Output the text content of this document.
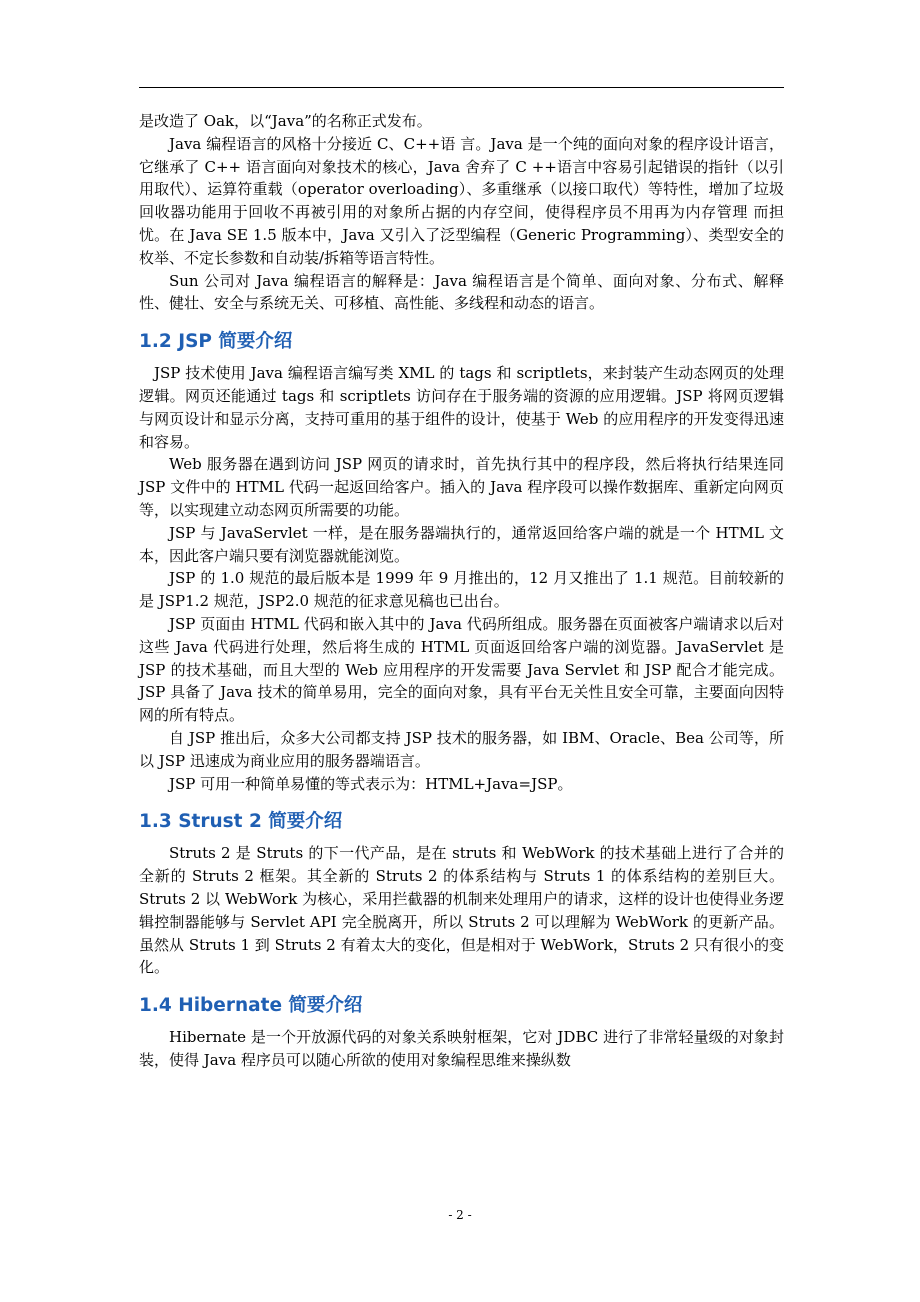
是改造了 Oak，以“Java”的名称正式发布。

Java 编程语言的风格十分接近 C、C++语 言。Java 是一个纯的面向对象的程序设计语言，它继承了 C++ 语言面向对象技术的核心，Java 舍弃了 C ++语言中容易引起错误的指针（以引用取代）、运算符重载（operator overloading）、多重继承（以接口取代）等特性，增加了垃圾回收器功能用于回收不再被引用的对象所占据的内存空间，使得程序员不用再为内存管理 而担忧。在 Java SE 1.5 版本中，Java 又引入了泛型编程（Generic Programming）、类型安全的枚举、不定长参数和自动装/拆箱等语言特性。

Sun 公司对 Java 编程语言的解释是：Java 编程语言是个简单、面向对象、分布式、解释性、健壮、安全与系统无关、可移植、高性能、多线程和动态的语言。

1.2 JSP 简要介绍

JSP 技术使用 Java 编程语言编写类 XML 的 tags 和 scriptlets，来封装产生动态网页的处理逻辑。网页还能通过 tags 和 scriptlets 访问存在于服务端的资源的应用逻辑。JSP 将网页逻辑与网页设计和显示分离，支持可重用的基于组件的设计，使基于 Web 的应用程序的开发变得迅速和容易。

Web 服务器在遇到访问 JSP 网页的请求时，首先执行其中的程序段，然后将执行结果连同 JSP 文件中的 HTML 代码一起返回给客户。插入的 Java 程序段可以操作数据库、重新定向网页等，以实现建立动态网页所需要的功能。

JSP 与 JavaServlet 一样，是在服务器端执行的，通常返回给客户端的就是一个 HTML 文本，因此客户端只要有浏览器就能浏览。

JSP 的 1.0 规范的最后版本是 1999 年 9 月推出的，12 月又推出了 1.1 规范。目前较新的是 JSP1.2 规范，JSP2.0 规范的征求意见稿也已出台。

JSP 页面由 HTML 代码和嵌入其中的 Java 代码所组成。服务器在页面被客户端请求以后对这些 Java 代码进行处理，然后将生成的 HTML 页面返回给客户端的浏览器。JavaServlet 是 JSP 的技术基础，而且大型的 Web 应用程序的开发需要 Java Servlet 和 JSP 配合才能完成。JSP 具备了 Java 技术的简单易用，完全的面向对象，具有平台无关性且安全可靠，主要面向因特网的所有特点。

自 JSP 推出后，众多大公司都支持 JSP 技术的服务器，如 IBM、Oracle、Bea 公司等，所以 JSP 迅速成为商业应用的服务器端语言。

JSP 可用一种简单易懂的等式表示为：HTML+Java=JSP。

1.3 Strust 2 简要介绍

Struts 2 是 Struts 的下一代产品，是在 struts 和 WebWork 的技术基础上进行了合并的全新的 Struts 2 框架。其全新的 Struts 2 的体系结构与 Struts 1 的体系结构的差别巨大。Struts 2 以 WebWork 为核心，采用拦截器的机制来处理用户的请求，这样的设计也使得业务逻辑控制器能够与 Servlet API 完全脱离开，所以 Struts 2 可以理解为 WebWork 的更新产品。虽然从 Struts 1 到 Struts 2 有着太大的变化，但是相对于 WebWork，Struts 2 只有很小的变化。

1.4 Hibernate 简要介绍

Hibernate 是一个开放源代码的对象关系映射框架，它对 JDBC 进行了非常轻量级的对象封装，使得 Java 程序员可以随心所欲的使用对象编程思维来操纵数

- 2 -
